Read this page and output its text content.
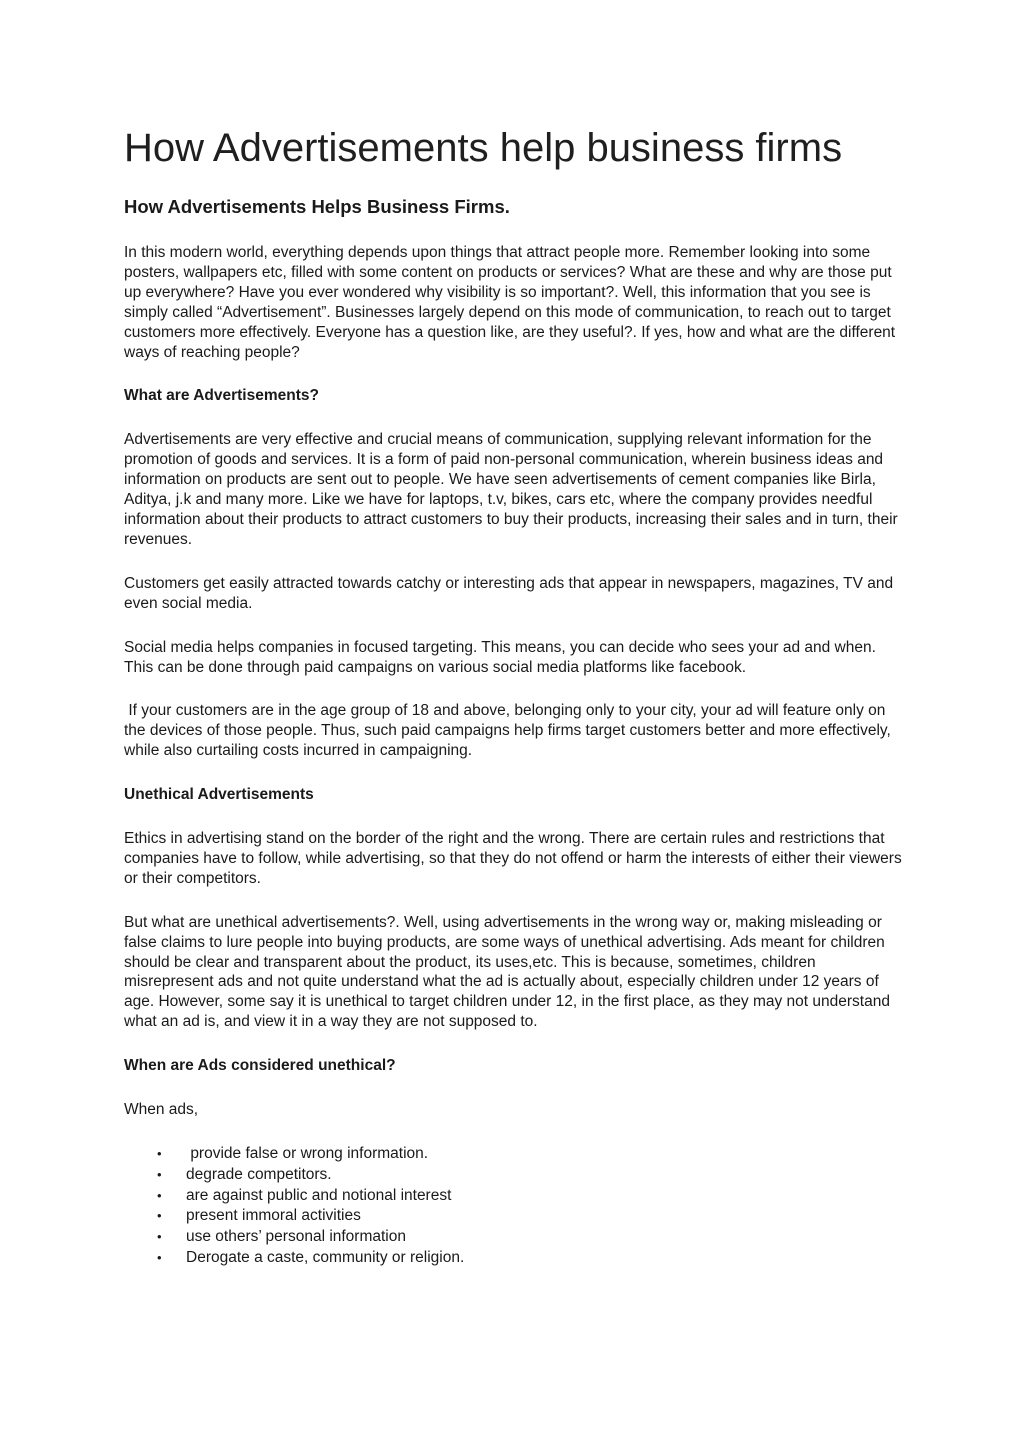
How Advertisements help business firms
How Advertisements Helps Business Firms.

In this modern world, everything depends upon things that attract people more. Remember looking into some posters, wallpapers etc, filled with some content on products or services? What are these and why are those put up everywhere? Have you ever wondered why visibility is so important?. Well, this information that you see is simply called “Advertisement”. Businesses largely depend on this mode of communication, to reach out to target customers more effectively. Everyone has a question like, are they useful?. If yes, how and what are the different ways of reaching people?

What are Advertisements?

Advertisements are very effective and crucial means of communication, supplying relevant information for the promotion of goods and services. It is a form of paid non-personal communication, wherein business ideas and information on products are sent out to people. We have seen advertisements of cement companies like Birla, Aditya, j.k and many more. Like we have for laptops, t.v, bikes, cars etc, where the company provides needful information about their products to attract customers to buy their products, increasing their sales and in turn, their revenues.

Customers get easily attracted towards catchy or interesting ads that appear in newspapers, magazines, TV and even social media.

Social media helps companies in focused targeting. This means, you can decide who sees your ad and when. This can be done through paid campaigns on various social media platforms like facebook.

If your customers are in the age group of 18 and above, belonging only to your city, your ad will feature only on the devices of those people. Thus, such paid campaigns help firms target customers better and more effectively, while also curtailing costs incurred in campaigning.

Unethical Advertisements

Ethics in advertising stand on the border of the right and the wrong. There are certain rules and restrictions that companies have to follow, while advertising, so that they do not offend or harm the interests of either their viewers or their competitors.

But what are unethical advertisements?. Well, using advertisements in the wrong way or, making misleading or false claims to lure people into buying products, are some ways of unethical advertising. Ads meant for children should be clear and transparent about the product, its uses,etc. This is because, sometimes, children misrepresent ads and not quite understand what the ad is actually about, especially children under 12 years of age. However, some say it is unethical to target children under 12, in the first place, as they may not understand what an ad is, and view it in a way they are not supposed to.

When are Ads considered unethical?

When ads,

• provide false or wrong information.
• degrade competitors.
• are against public and notional interest
• present immoral activities
• use others’ personal information
• Derogate a caste, community or religion.
